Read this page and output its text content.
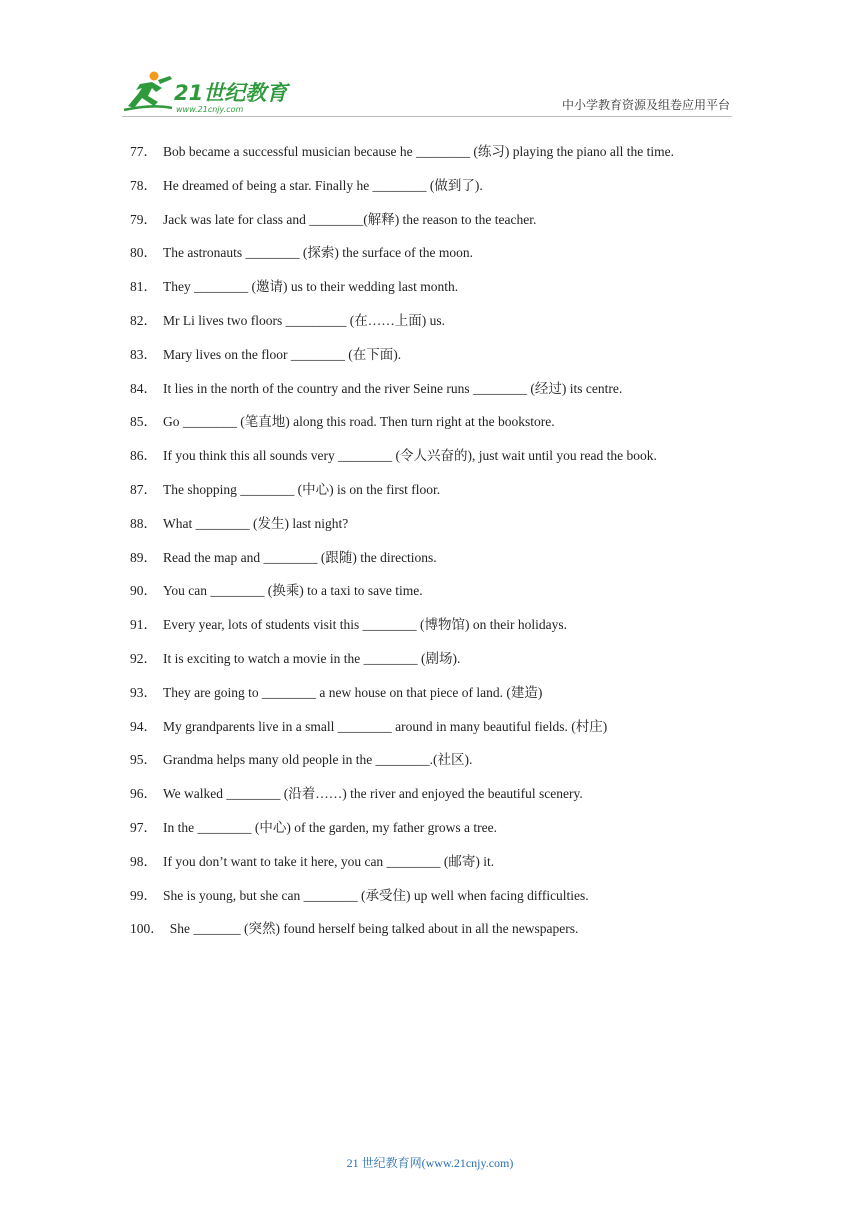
21世纪教育
www.21cnjy.com	中小学教育资源及组卷应用平台
77． Bob became a successful musician because he ________ (练习) playing the piano all the time.
78． He dreamed of being a star. Finally he ________ (做到了).
79． Jack was late for class and ________(解释) the reason to the teacher.
80． The astronauts ________ (探索) the surface of the moon.
81． They ________ (邀请) us to their wedding last month.
82． Mr Li lives two floors _________ (在……上面) us.
83． Mary lives on the floor ________ (在下面).
84． It lies in the north of the country and the river Seine runs ________ (经过) its centre.
85． Go ________ (笔直地) along this road. Then turn right at the bookstore.
86． If you think this all sounds very ________ (令人兴奋的), just wait until you read the book.
87． The shopping ________ (中心) is on the first floor.
88． What ________ (发生) last night?
89． Read the map and ________ (跟随) the directions.
90． You can ________ (换乘) to a taxi to save time.
91． Every year, lots of students visit this ________ (博物馆) on their holidays.
92． It is exciting to watch a movie in the ________ (剧场).
93． They are going to ________ a new house on that piece of land. (建造)
94． My grandparents live in a small ________ around in many beautiful fields. (村庄)
95． Grandma helps many old people in the ________.(社区).
96． We walked ________ (沿着……) the river and enjoyed the beautiful scenery.
97． In the ________ (中心) of the garden, my father grows a tree.
98． If you don’t want to take it here, you can ________ (邮寄) it.
99． She is young, but she can ________ (承受住) up well when facing difficulties.
100． She _______ (突然) found herself being talked about in all the newspapers.
21 世纪教育网(www.21cnjy.com)
